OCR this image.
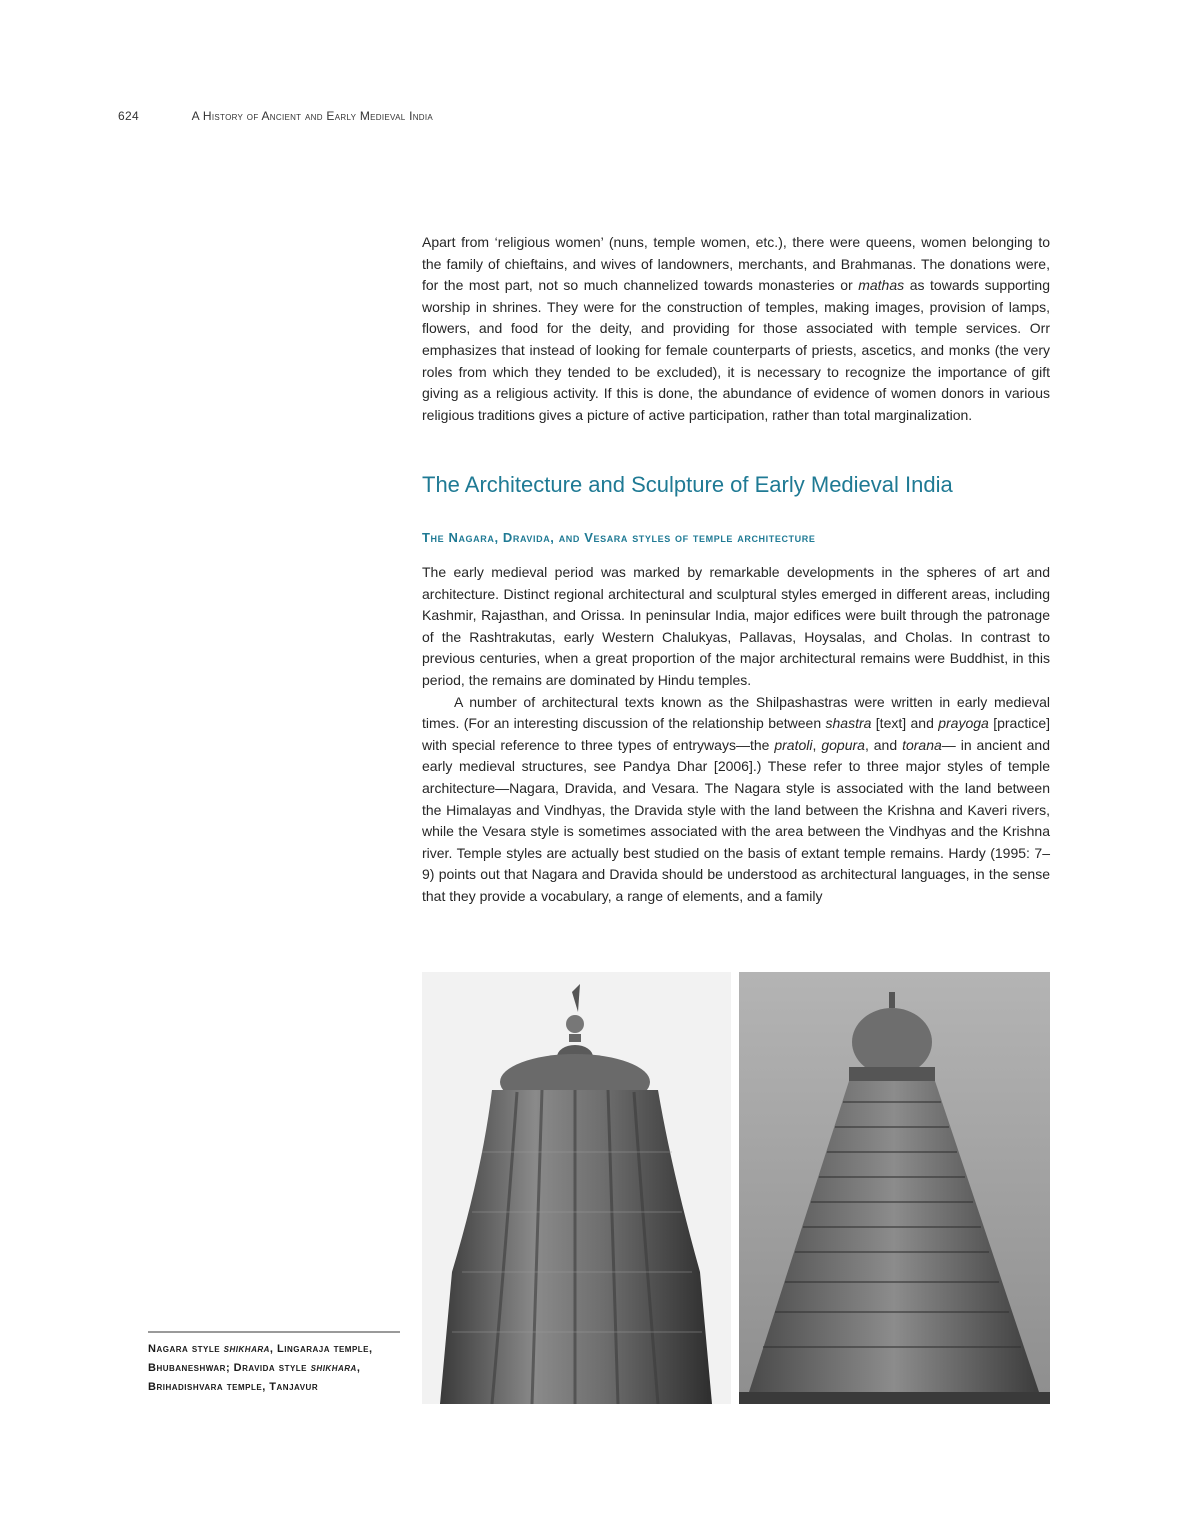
624	A History of Ancient and Early Medieval India

Apart from ‘religious women’ (nuns, temple women, etc.), there were queens, women belonging to the family of chieftains, and wives of landowners, merchants, and Brahmanas. The donations were, for the most part, not so much channelized towards monasteries or mathas as towards supporting worship in shrines. They were for the construction of temples, making images, provision of lamps, flowers, and food for the deity, and providing for those associated with temple services. Orr emphasizes that instead of looking for female counterparts of priests, ascetics, and monks (the very roles from which they tended to be excluded), it is necessary to recognize the importance of gift giving as a religious activity. If this is done, the abundance of evidence of women donors in various religious traditions gives a picture of active participation, rather than total marginalization.

The Architecture and Sculpture of Early Medieval India
The Nagara, Dravida, and Vesara styles of temple architecture

The early medieval period was marked by remarkable developments in the spheres of art and architecture. Distinct regional architectural and sculptural styles emerged in different areas, including Kashmir, Rajasthan, and Orissa. In peninsular India, major edifices were built through the patronage of the Rashtrakutas, early Western Chalukyas, Pallavas, Hoysalas, and Cholas. In contrast to previous centuries, when a great proportion of the major architectural remains were Buddhist, in this period, the remains are dominated by Hindu temples.

A number of architectural texts known as the Shilpashastras were written in early medieval times. (For an interesting discussion of the relationship between shastra [text] and prayoga [practice] with special reference to three types of entryways—the pratoli, gopura, and torana— in ancient and early medieval structures, see Pandya Dhar [2006].) These refer to three major styles of temple architecture—Nagara, Dravida, and Vesara. The Nagara style is associated with the land between the Himalayas and Vindhyas, the Dravida style with the land between the Krishna and Kaveri rivers, while the Vesara style is sometimes associated with the area between the Vindhyas and the Krishna river. Temple styles are actually best studied on the basis of extant temple remains. Hardy (1995: 7–9) points out that Nagara and Dravida should be understood as architectural languages, in the sense that they provide a vocabulary, a range of elements, and a family

Nagara style shikhara, Lingaraja temple, Bhubaneshwar; Dravida style shikhara, Brihadishvara temple, Tanjavur
